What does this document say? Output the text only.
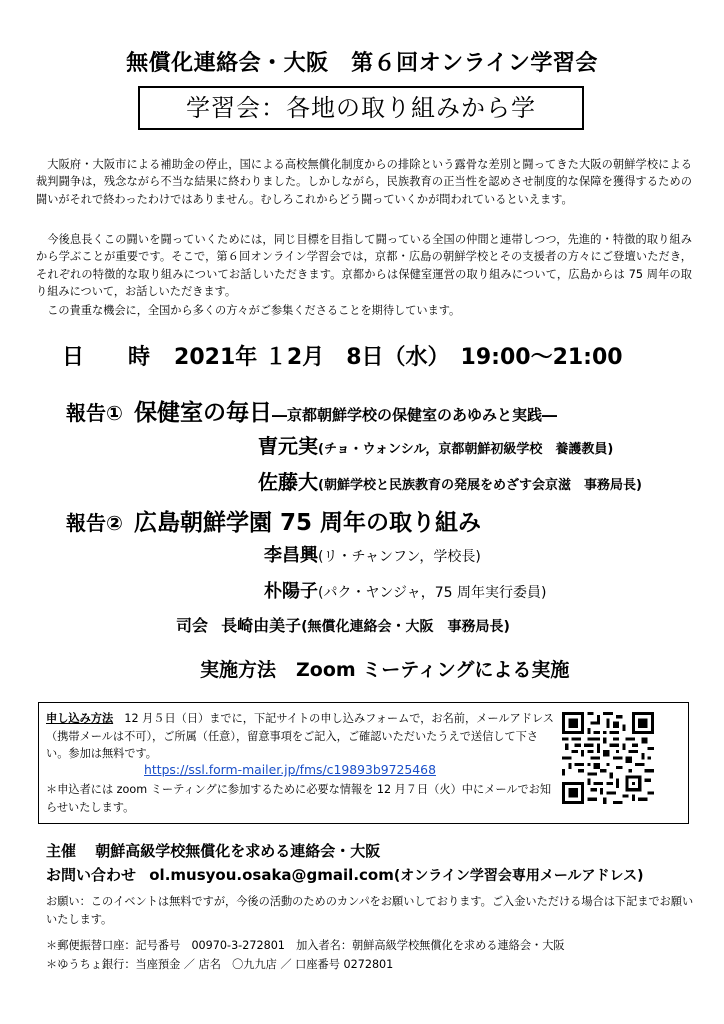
無償化連絡会・大阪　第６回オンライン学習会
学習会：各地の取り組みから学
　大阪府・大阪市による補助金の停止，国による高校無償化制度からの排除という露骨な差別と闘ってきた大阪の朝鮮学校による裁判闘争は，残念ながら不当な結果に終わりました。しかしながら，民族教育の正当性を認めさせ制度的な保障を獲得するための闘いがそれで終わったわけではありません。むしろこれからどう闘っていくかが問われているといえます。
　今後息長くこの闘いを闘っていくためには，同じ目標を目指して闘っている全国の仲間と連帯しつつ，先進的・特徴的取り組みから学ぶことが重要です。そこで，第６回オンライン学習会では，京都・広島の朝鮮学校とその支援者の方々にご登壇いただき，それぞれの特徴的な取り組みについてお話しいただきます。京都からは保健室運営の取り組みについて，広島からは 75 周年の取り組みについて，お話しいただきます。
　この貴重な機会に，全国から多くの方々がご参集くださることを期待しています。
日 時 2021年 １2月　8日（水）　19:00～21:00
報告① 保健室の毎日―京都朝鮮学校の保健室のあゆみと実践―
曺元実(チョ・ウォンシル，京都朝鮮初級学校　養護教員)
佐藤大(朝鮮学校と民族教育の発展をめざす会京滋　事務局長)
報告② 広島朝鮮学園 75 周年の取り組み
李昌興(リ・チャンフン，学校長)
朴陽子(パク・ヤンジャ，75 周年実行委員)
司会 長崎由美子(無償化連絡会・大阪　事務局長)
実施方法 Zoom ミーティングによる実施
申し込み方法　12 月５日（日）までに，下記サイトの申し込みフォームで，お名前，メールアドレス（携帯メールは不可），ご所属（任意），留意事項をご記入，ご確認いただいたうえで送信して下さい。参加は無料です。
https://ssl.form-mailer.jp/fms/c19893b9725468
＊申込者には zoom ミーティングに参加するために必要な情報を 12 月７日（火）中にメールでお知らせいたします。
主催 朝鮮高級学校無償化を求める連絡会・大阪
お問い合わせ ol.musyou.osaka@gmail.com(オンライン学習会専用メールアドレス)
お願い：このイベントは無料ですが，今後の活動のためのカンパをお願いしております。ご入金いただける場合は下記までお願いいたします。
＊郵便振替口座：記号番号　00970-3-272801　加入者名：朝鮮高級学校無償化を求める連絡会・大阪
＊ゆうちょ銀行：当座預金 ／ 店名　〇九九店 ／ 口座番号 0272801
